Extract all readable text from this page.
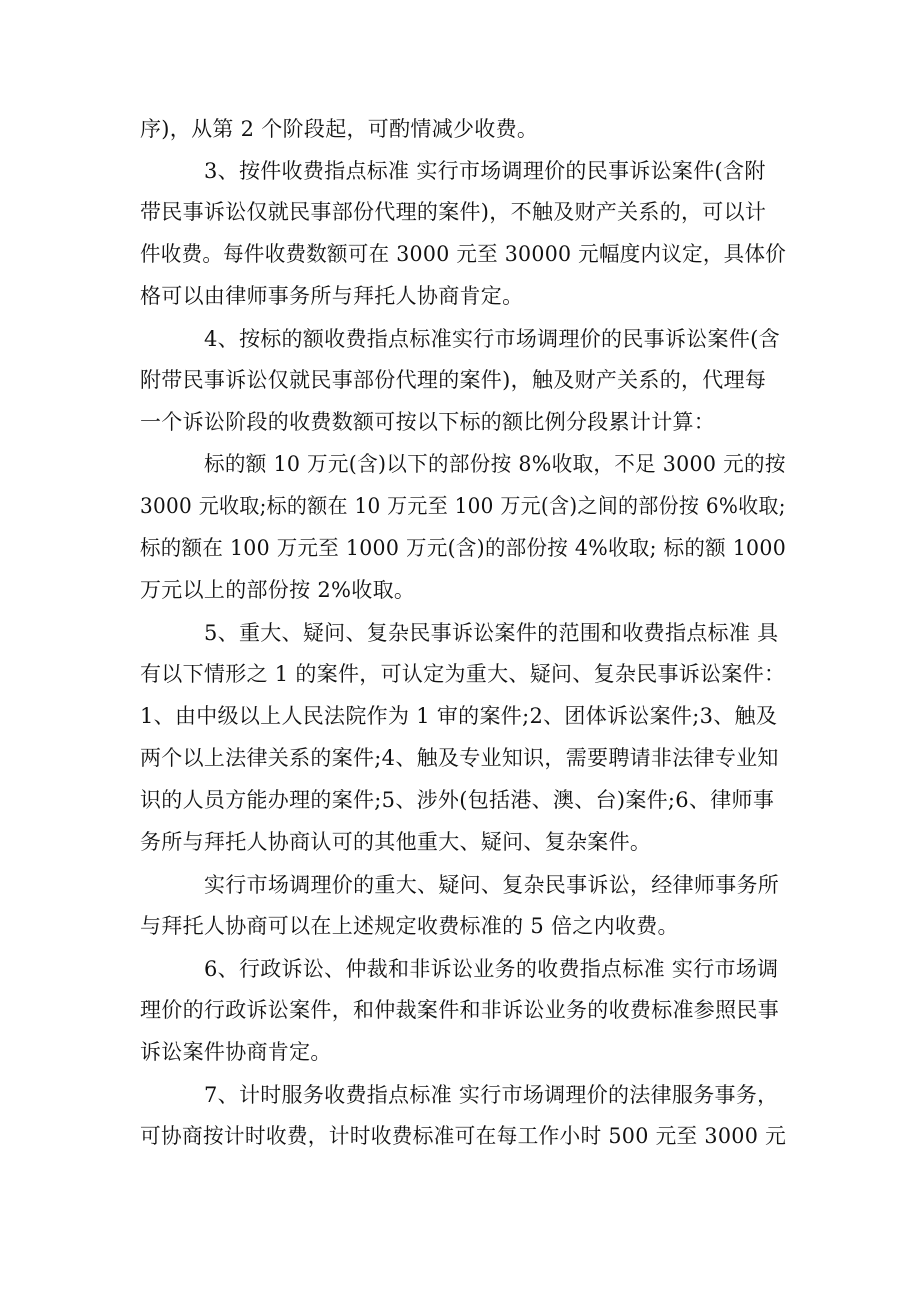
序)，从第 2 个阶段起，可酌情减少收费。
3、按件收费指点标准 实行市场调理价的民事诉讼案件(含附
带民事诉讼仅就民事部份代理的案件)，不触及财产关系的，可以计
件收费。每件收费数额可在 3000 元至 30000 元幅度内议定，具体价
格可以由律师事务所与拜托人协商肯定。
4、按标的额收费指点标准实行市场调理价的民事诉讼案件(含
附带民事诉讼仅就民事部份代理的案件)，触及财产关系的，代理每
一个诉讼阶段的收费数额可按以下标的额比例分段累计计算：
标的额 10 万元(含)以下的部份按 8%收取，不足 3000 元的按
3000 元收取;标的额在 10 万元至 100 万元(含)之间的部份按 6%收取;
标的额在 100 万元至 1000 万元(含)的部份按 4%收取; 标的额 1000
万元以上的部份按 2%收取。
5、重大、疑问、复杂民事诉讼案件的范围和收费指点标准 具
有以下情形之 1 的案件，可认定为重大、疑问、复杂民事诉讼案件：
1、由中级以上人民法院作为 1 审的案件;2、团体诉讼案件;3、触及
两个以上法律关系的案件;4、触及专业知识，需要聘请非法律专业知
识的人员方能办理的案件;5、涉外(包括港、澳、台)案件;6、律师事
务所与拜托人协商认可的其他重大、疑问、复杂案件。
实行市场调理价的重大、疑问、复杂民事诉讼，经律师事务所
与拜托人协商可以在上述规定收费标准的 5 倍之内收费。
6、行政诉讼、仲裁和非诉讼业务的收费指点标准 实行市场调
理价的行政诉讼案件，和仲裁案件和非诉讼业务的收费标准参照民事
诉讼案件协商肯定。
7、计时服务收费指点标准 实行市场调理价的法律服务事务，
可协商按计时收费，计时收费标准可在每工作小时 500 元至 3000 元
